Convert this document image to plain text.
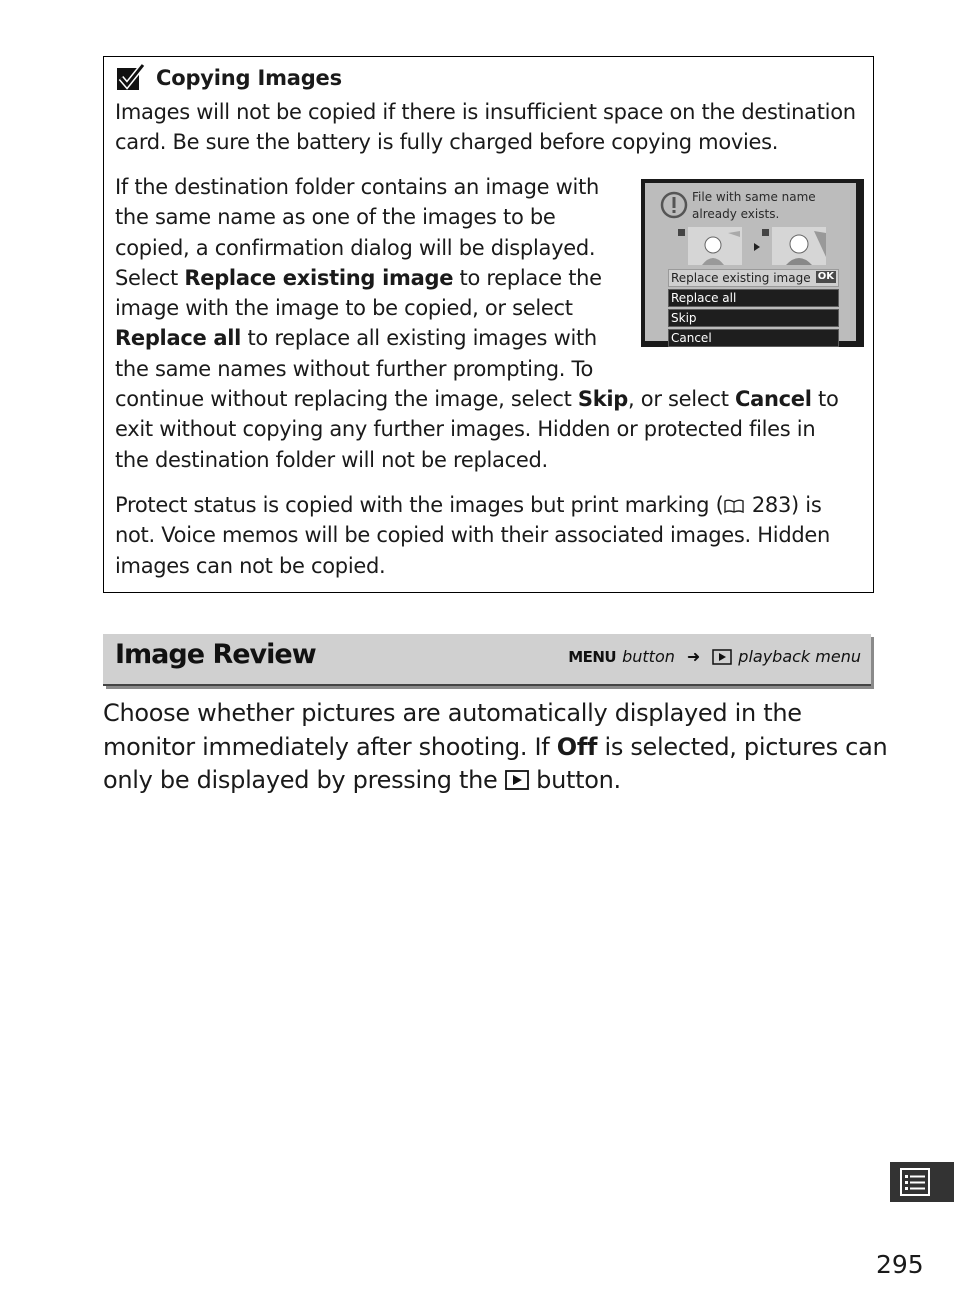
Copying Images
Images will not be copied if there is insufficient space on the destination
card. Be sure the battery is fully charged before copying movies.
If the destination folder contains an image with
the same name as one of the images to be
copied, a confirmation dialog will be displayed.
Select Replace existing image to replace the
image with the image to be copied, or select
Replace all to replace all existing images with
the same names without further prompting. To
continue without replacing the image, select Skip, or select Cancel to
exit without copying any further images. Hidden or protected files in
the destination folder will not be replaced.
File with same name
already exists.
Replace existing image OK
Replace all
Skip
Cancel
Protect status is copied with the images but print marking ( 283) is
not. Voice memos will be copied with their associated images. Hidden
images can not be copied.
Image Review	MENU button ➜ playback menu
Choose whether pictures are automatically displayed in the
monitor immediately after shooting. If Off is selected, pictures can
only be displayed by pressing the  button.
295
